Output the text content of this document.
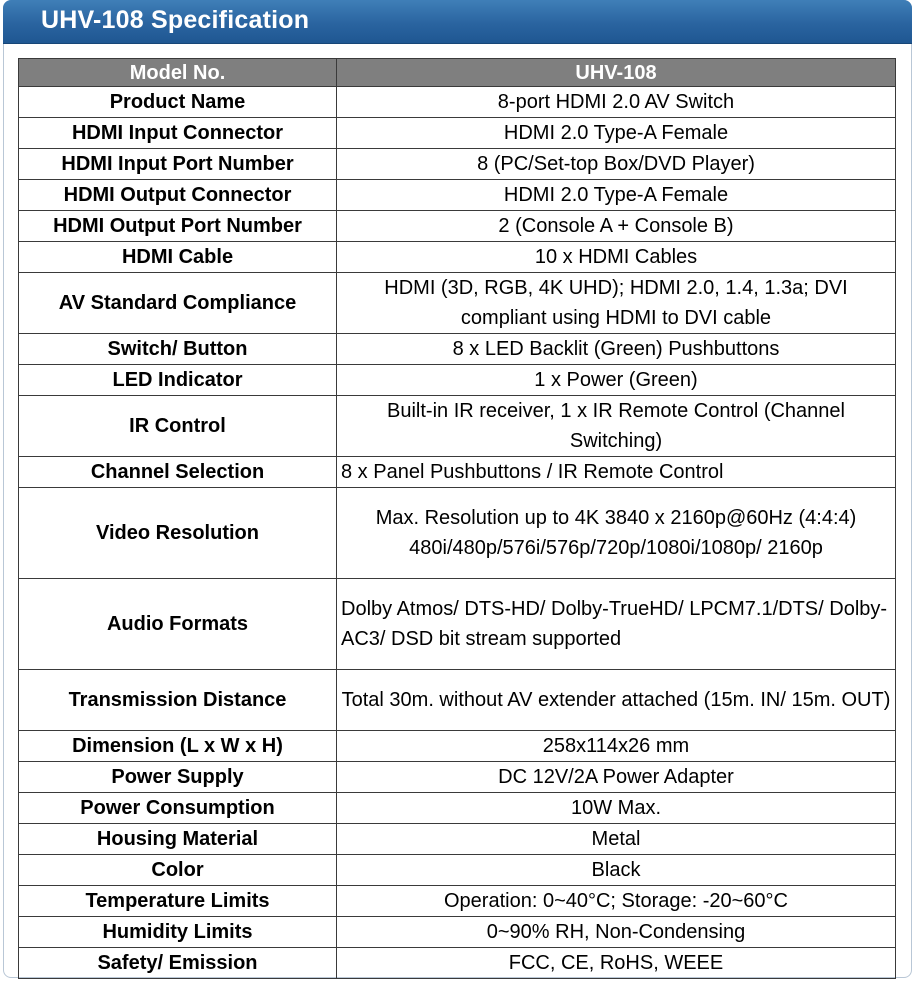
UHV-108 Specification
Model No.	UHV-108
Product Name	8-port HDMI 2.0 AV Switch
HDMI Input Connector	HDMI 2.0 Type-A Female
HDMI Input Port Number	8 (PC/Set-top Box/DVD Player)
HDMI Output Connector	HDMI 2.0 Type-A Female
HDMI Output Port Number	2 (Console A + Console B)
HDMI Cable	10 x HDMI Cables
AV Standard Compliance	HDMI (3D, RGB, 4K UHD); HDMI 2.0, 1.4, 1.3a; DVI compliant using HDMI to DVI cable
Switch/ Button	8 x LED Backlit (Green) Pushbuttons
LED Indicator	1 x Power (Green)
IR Control	Built-in IR receiver, 1 x IR Remote Control (Channel Switching)
Channel Selection	8 x Panel Pushbuttons / IR Remote Control
Video Resolution	Max. Resolution up to 4K 3840 x 2160p@60Hz (4:4:4) 480i/480p/576i/576p/720p/1080i/1080p/ 2160p
Audio Formats	Dolby Atmos/ DTS-HD/ Dolby-TrueHD/ LPCM7.1/DTS/ Dolby-AC3/ DSD bit stream supported
Transmission Distance	Total 30m. without AV extender attached (15m. IN/ 15m. OUT)
Dimension (L x W x H)	258x114x26 mm
Power Supply	DC 12V/2A Power Adapter
Power Consumption	10W Max.
Housing Material	Metal
Color	Black
Temperature Limits	Operation: 0~40°C; Storage: -20~60°C
Humidity Limits	0~90% RH, Non-Condensing
Safety/ Emission	FCC, CE, RoHS, WEEE
